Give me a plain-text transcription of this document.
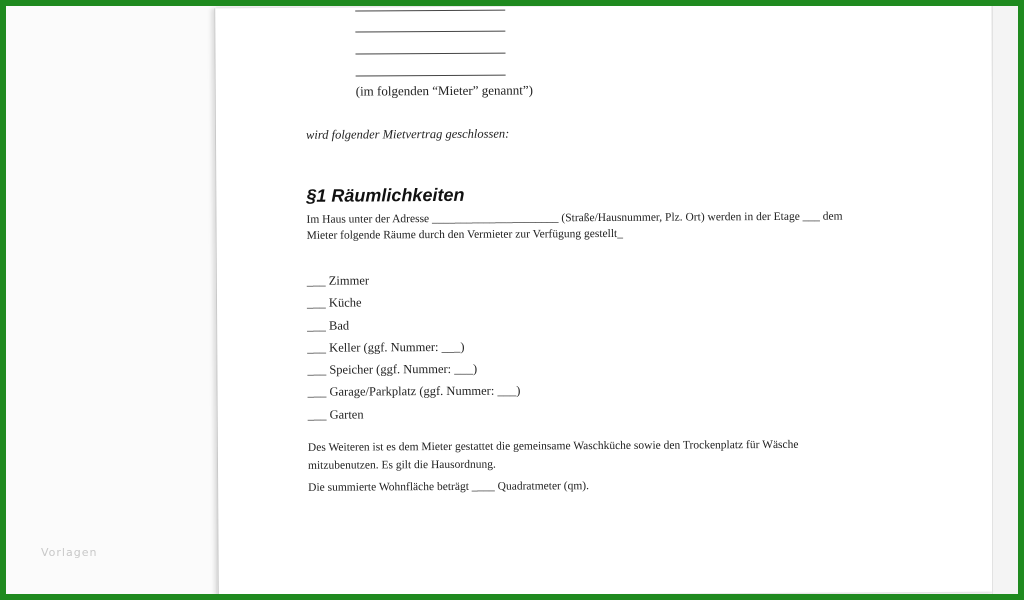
Vorlagen
(im folgenden “Mieter” genannt”)
wird folgender Mietvertrag geschlossen:
§1 Räumlichkeiten
Im Haus unter der Adresse ______________________ (Straße/Hausnummer, Plz. Ort) werden in der Etage ___ dem
Mieter folgende Räume durch den Vermieter zur Verfügung gestellt_
___ Zimmer
___ Küche
___ Bad
___ Keller (ggf. Nummer: ___)
___ Speicher (ggf. Nummer: ___)
___ Garage/Parkplatz (ggf. Nummer: ___)
___ Garten
Des Weiteren ist es dem Mieter gestattet die gemeinsame Waschküche sowie den Trockenplatz für Wäsche
mitzubenutzen. Es gilt die Hausordnung.
Die summierte Wohnfläche beträgt ____ Quadratmeter (qm).
